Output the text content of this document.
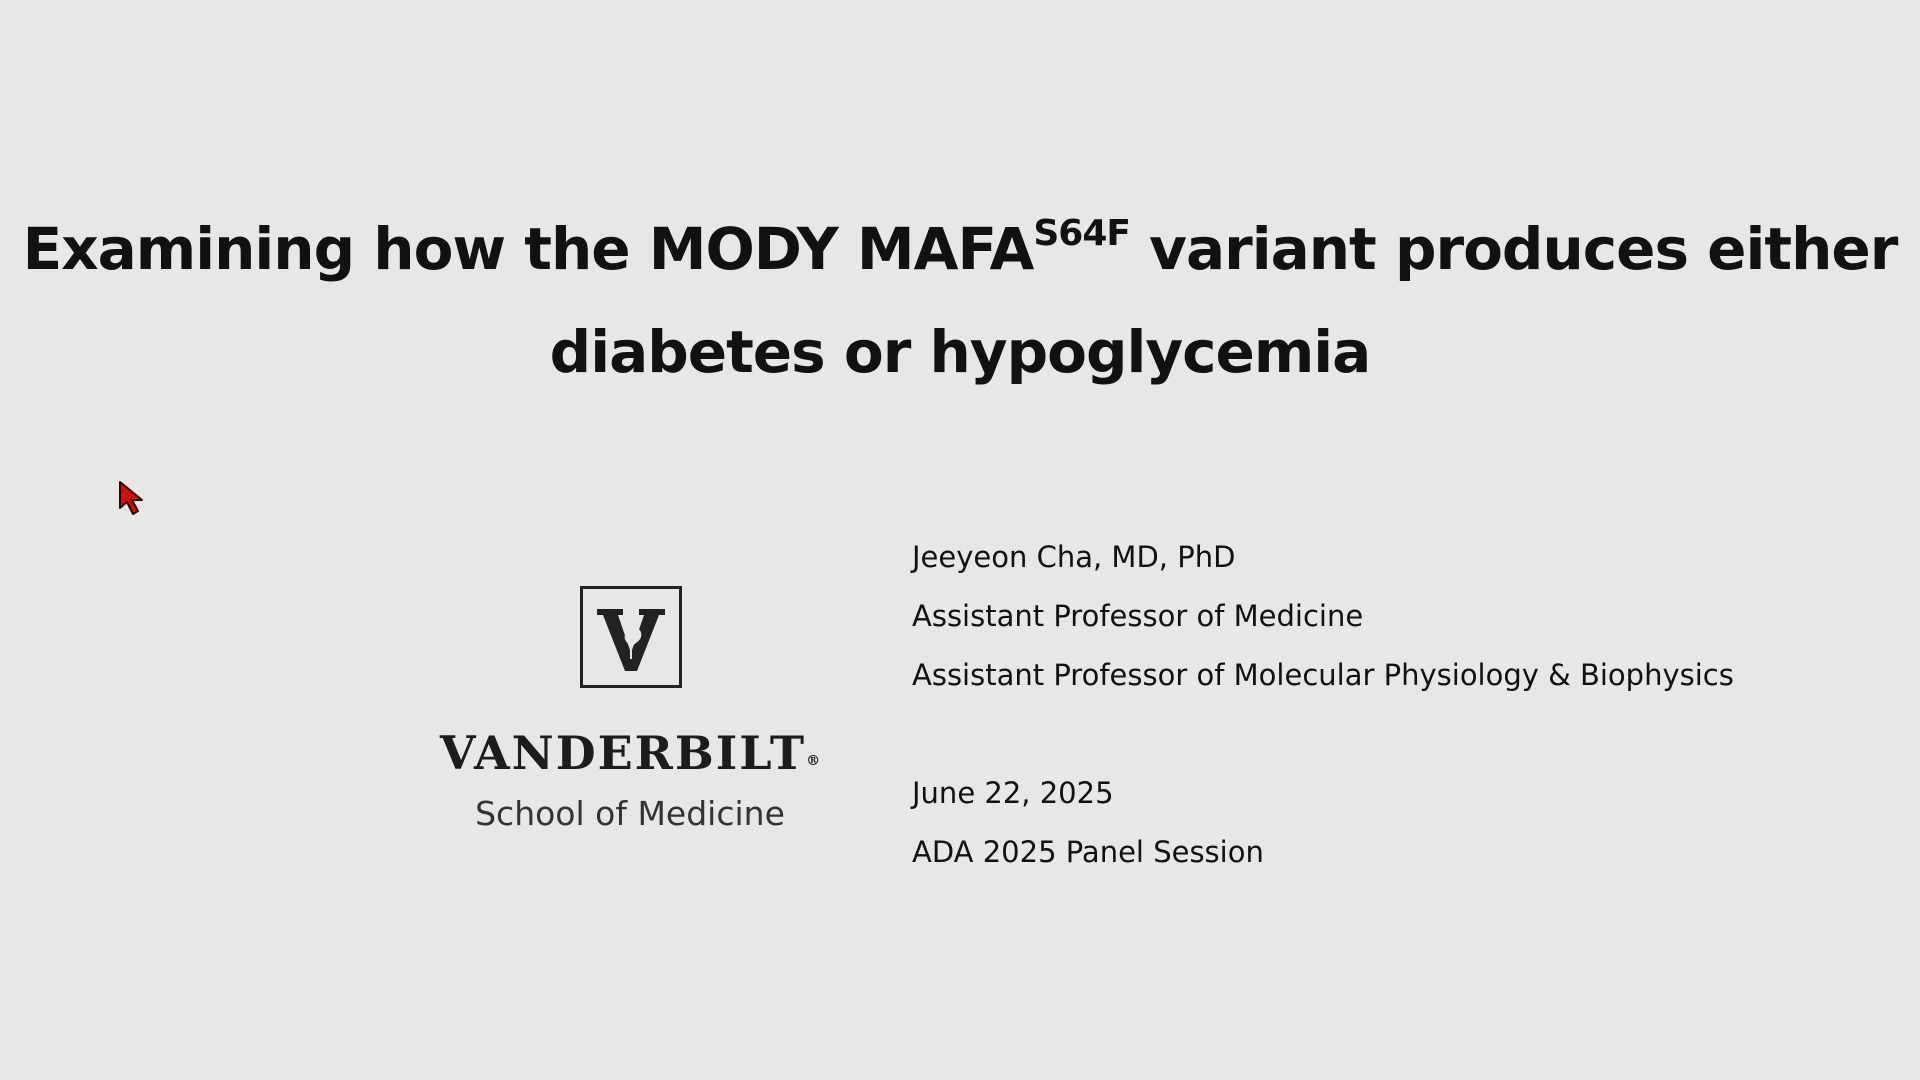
Examining how the MODY $MAFA^{S64F}$ variant produces either
diabetes or hypoglycemia
VANDERBILT®
School of Medicine
Jeeyeon Cha, MD, PhD
Assistant Professor of Medicine
Assistant Professor of Molecular Physiology & Biophysics
June 22, 2025
ADA 2025 Panel Session
